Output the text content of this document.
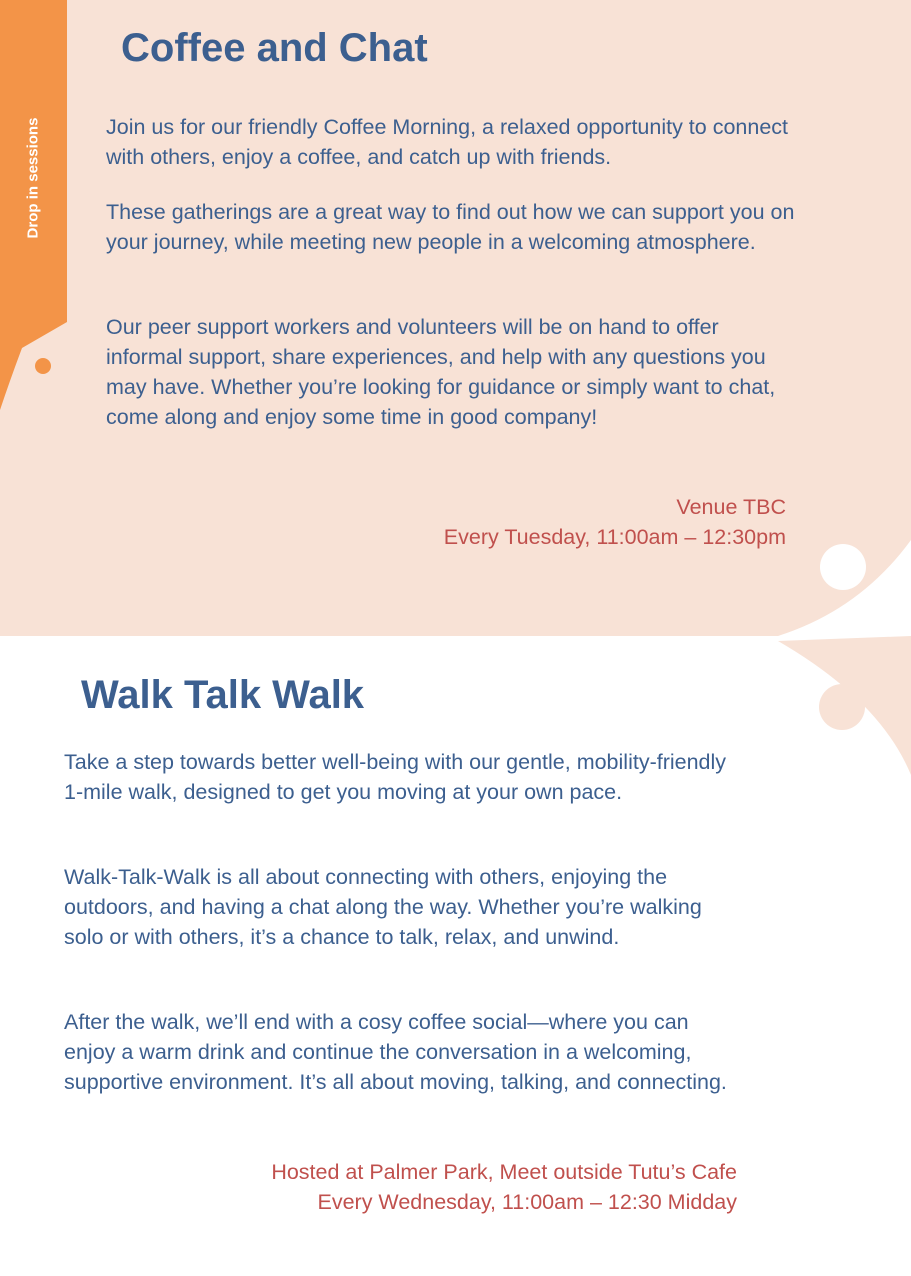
Drop in sessions
Coffee and Chat

Join us for our friendly Coffee Morning, a relaxed opportunity to connect with others, enjoy a coffee, and catch up with friends.

These gatherings are a great way to find out how we can support you on your journey, while meeting new people in a welcoming atmosphere.

Our peer support workers and volunteers will be on hand to offer informal support, share experiences, and help with any questions you may have. Whether you’re looking for guidance or simply want to chat, come along and enjoy some time in good company!

Venue TBC

Every Tuesday, 11:00am – 12:30pm

Walk Talk Walk

Take a step towards better well-being with our gentle, mobility-friendly 1-mile walk, designed to get you moving at your own pace.

Walk-Talk-Walk is all about connecting with others, enjoying the outdoors, and having a chat along the way. Whether you’re walking solo or with others, it’s a chance to talk, relax, and unwind.

After the walk, we’ll end with a cosy coffee social—where you can enjoy a warm drink and continue the conversation in a welcoming, supportive environment. It’s all about moving, talking, and connecting.

Hosted at Palmer Park, Meet outside Tutu’s Cafe

Every Wednesday, 11:00am – 12:30 Midday
